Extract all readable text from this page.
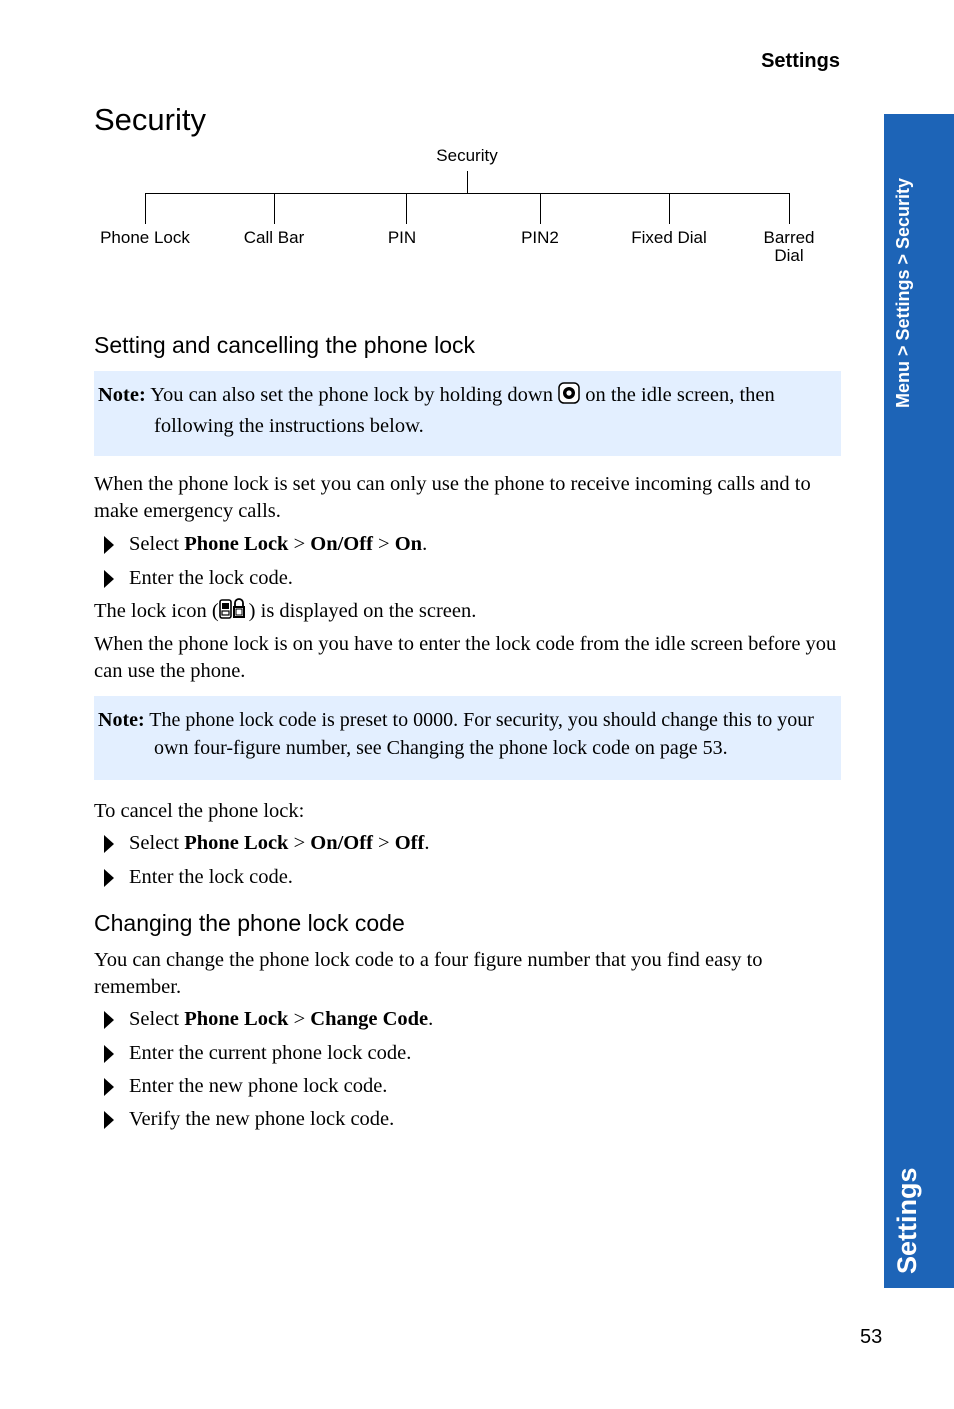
Settings
Security
Security
Phone Lock	Call Bar	PIN	PIN2	Fixed Dial	Barred Dial
Setting and cancelling the phone lock
Note: You can also set the phone lock by holding down on the idle screen, then
following the instructions below.
When the phone lock is set you can only use the phone to receive incoming calls and to make emergency calls.
Select Phone Lock > On/Off > On.
Enter the lock code.
The lock icon ( ) is displayed on the screen.
When the phone lock is on you have to enter the lock code from the idle screen before you can use the phone.
Note: The phone lock code is preset to 0000. For security, you should change this to your
own four-figure number, see Changing the phone lock code on page 53.
To cancel the phone lock:
Select Phone Lock > On/Off > Off.
Enter the lock code.
Changing the phone lock code
You can change the phone lock code to a four figure number that you find easy to remember.
Select Phone Lock > Change Code.
Enter the current phone lock code.
Enter the new phone lock code.
Verify the new phone lock code.
Menu > Settings > Security
Settings
53
